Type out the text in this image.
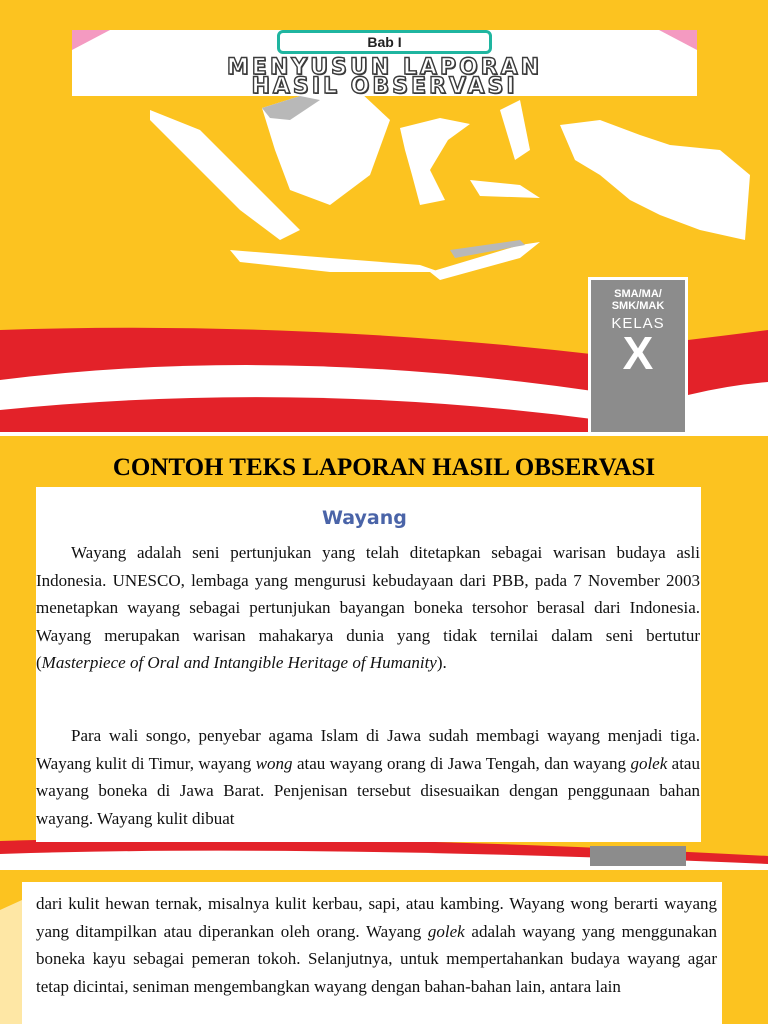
Bab I
MENYUSUN LAPORAN
HASIL OBSERVASI
SMA/MA/
SMK/MAK
KELAS
X
CONTOH TEKS LAPORAN HASIL OBSERVASI
Wayang

Wayang adalah seni pertunjukan yang telah ditetapkan sebagai warisan budaya asli Indonesia. UNESCO, lembaga yang mengurusi kebudayaan dari PBB, pada 7 November 2003 menetapkan wayang sebagai pertunjukan bayangan boneka tersohor berasal dari Indonesia. Wayang merupakan warisan mahakarya dunia yang tidak ternilai dalam seni bertutur (Masterpiece of Oral and Intangible Heritage of Humanity).

Para wali songo, penyebar agama Islam di Jawa sudah membagi wayang menjadi tiga. Wayang kulit di Timur, wayang wong atau wayang orang di Jawa Tengah, dan wayang golek atau wayang boneka di Jawa Barat. Penjenisan tersebut disesuaikan dengan penggunaan bahan wayang. Wayang kulit dibuat

dari kulit hewan ternak, misalnya kulit kerbau, sapi, atau kambing. Wayang wong berarti wayang yang ditampilkan atau diperankan oleh orang. Wayang golek adalah wayang yang menggunakan boneka kayu sebagai pemeran tokoh. Selanjutnya, untuk mempertahankan budaya wayang agar tetap dicintai, seniman mengembangkan wayang dengan bahan-bahan lain, antara lain
